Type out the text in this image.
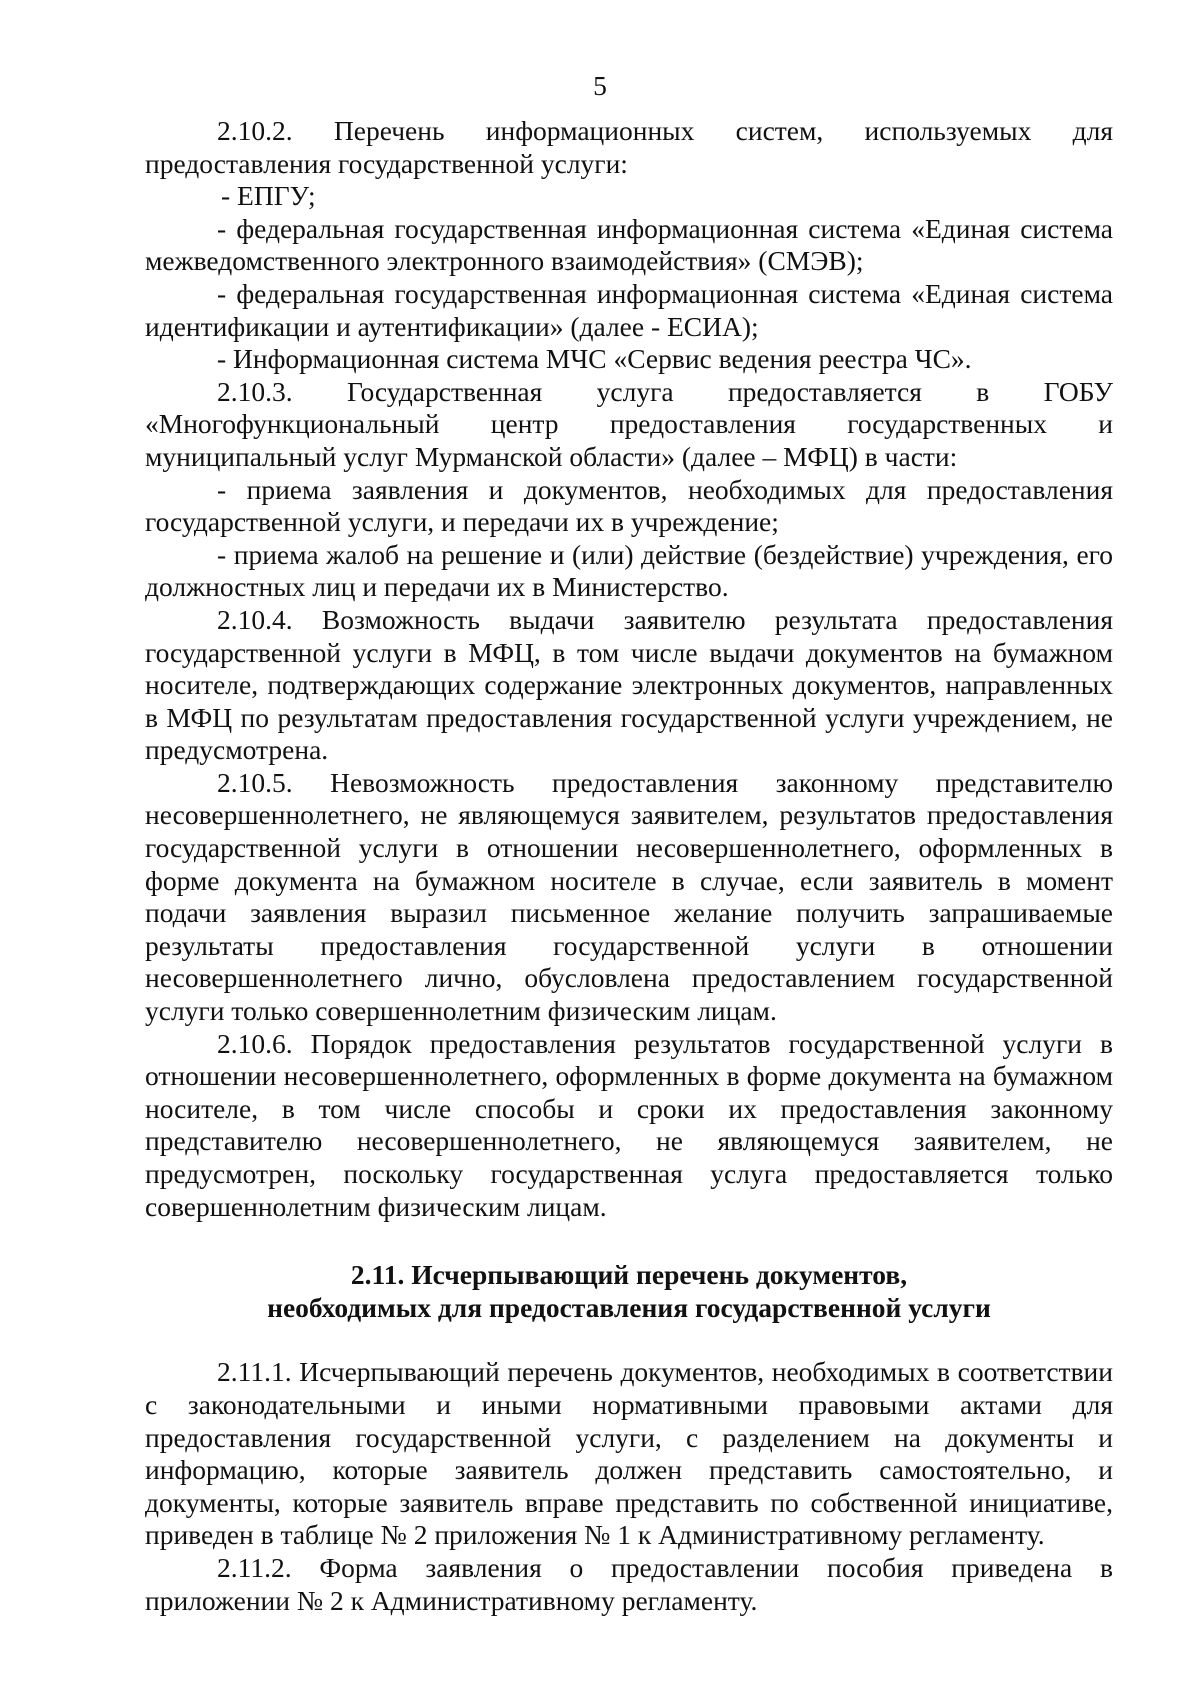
5

2.10.2. Перечень информационных систем, используемых для предоставления государственной услуги:

- ЕПГУ;

- федеральная государственная информационная система «Единая система межведомственного электронного взаимодействия» (СМЭВ);

- федеральная государственная информационная система «Единая система идентификации и аутентификации» (далее - ЕСИА);

- Информационная система МЧС «Сервис ведения реестра ЧС».

2.10.3. Государственная услуга предоставляется в ГОБУ «Многофункциональный центр предоставления государственных и муниципальный услуг Мурманской области» (далее – МФЦ) в части:

- приема заявления и документов, необходимых для предоставления государственной услуги, и передачи их в учреждение;

- приема жалоб на решение и (или) действие (бездействие) учреждения, его должностных лиц и передачи их в Министерство.

2.10.4. Возможность выдачи заявителю результата предоставления государственной услуги в МФЦ, в том числе выдачи документов на бумажном носителе, подтверждающих содержание электронных документов, направленных в МФЦ по результатам предоставления государственной услуги учреждением, не предусмотрена.

2.10.5. Невозможность предоставления законному представителю несовершеннолетнего, не являющемуся заявителем, результатов предоставления государственной услуги в отношении несовершеннолетнего, оформленных в форме документа на бумажном носителе в случае, если заявитель в момент подачи заявления выразил письменное желание получить запрашиваемые результаты предоставления государственной услуги в отношении несовершеннолетнего лично, обусловлена предоставлением государственной услуги только совершеннолетним физическим лицам.

2.10.6. Порядок предоставления результатов государственной услуги в отношении несовершеннолетнего, оформленных в форме документа на бумажном носителе, в том числе способы и сроки их предоставления законному представителю несовершеннолетнего, не являющемуся заявителем, не предусмотрен, поскольку государственная услуга предоставляется только совершеннолетним физическим лицам.

2.11. Исчерпывающий перечень документов,
необходимых для предоставления государственной услуги

2.11.1. Исчерпывающий перечень документов, необходимых в соответствии с законодательными и иными нормативными правовыми актами для предоставления государственной услуги, с разделением на документы и информацию, которые заявитель должен представить самостоятельно, и документы, которые заявитель вправе представить по собственной инициативе, приведен в таблице № 2 приложения № 1 к Административному регламенту.

2.11.2. Форма заявления о предоставлении пособия приведена в приложении № 2 к Административному регламенту.
